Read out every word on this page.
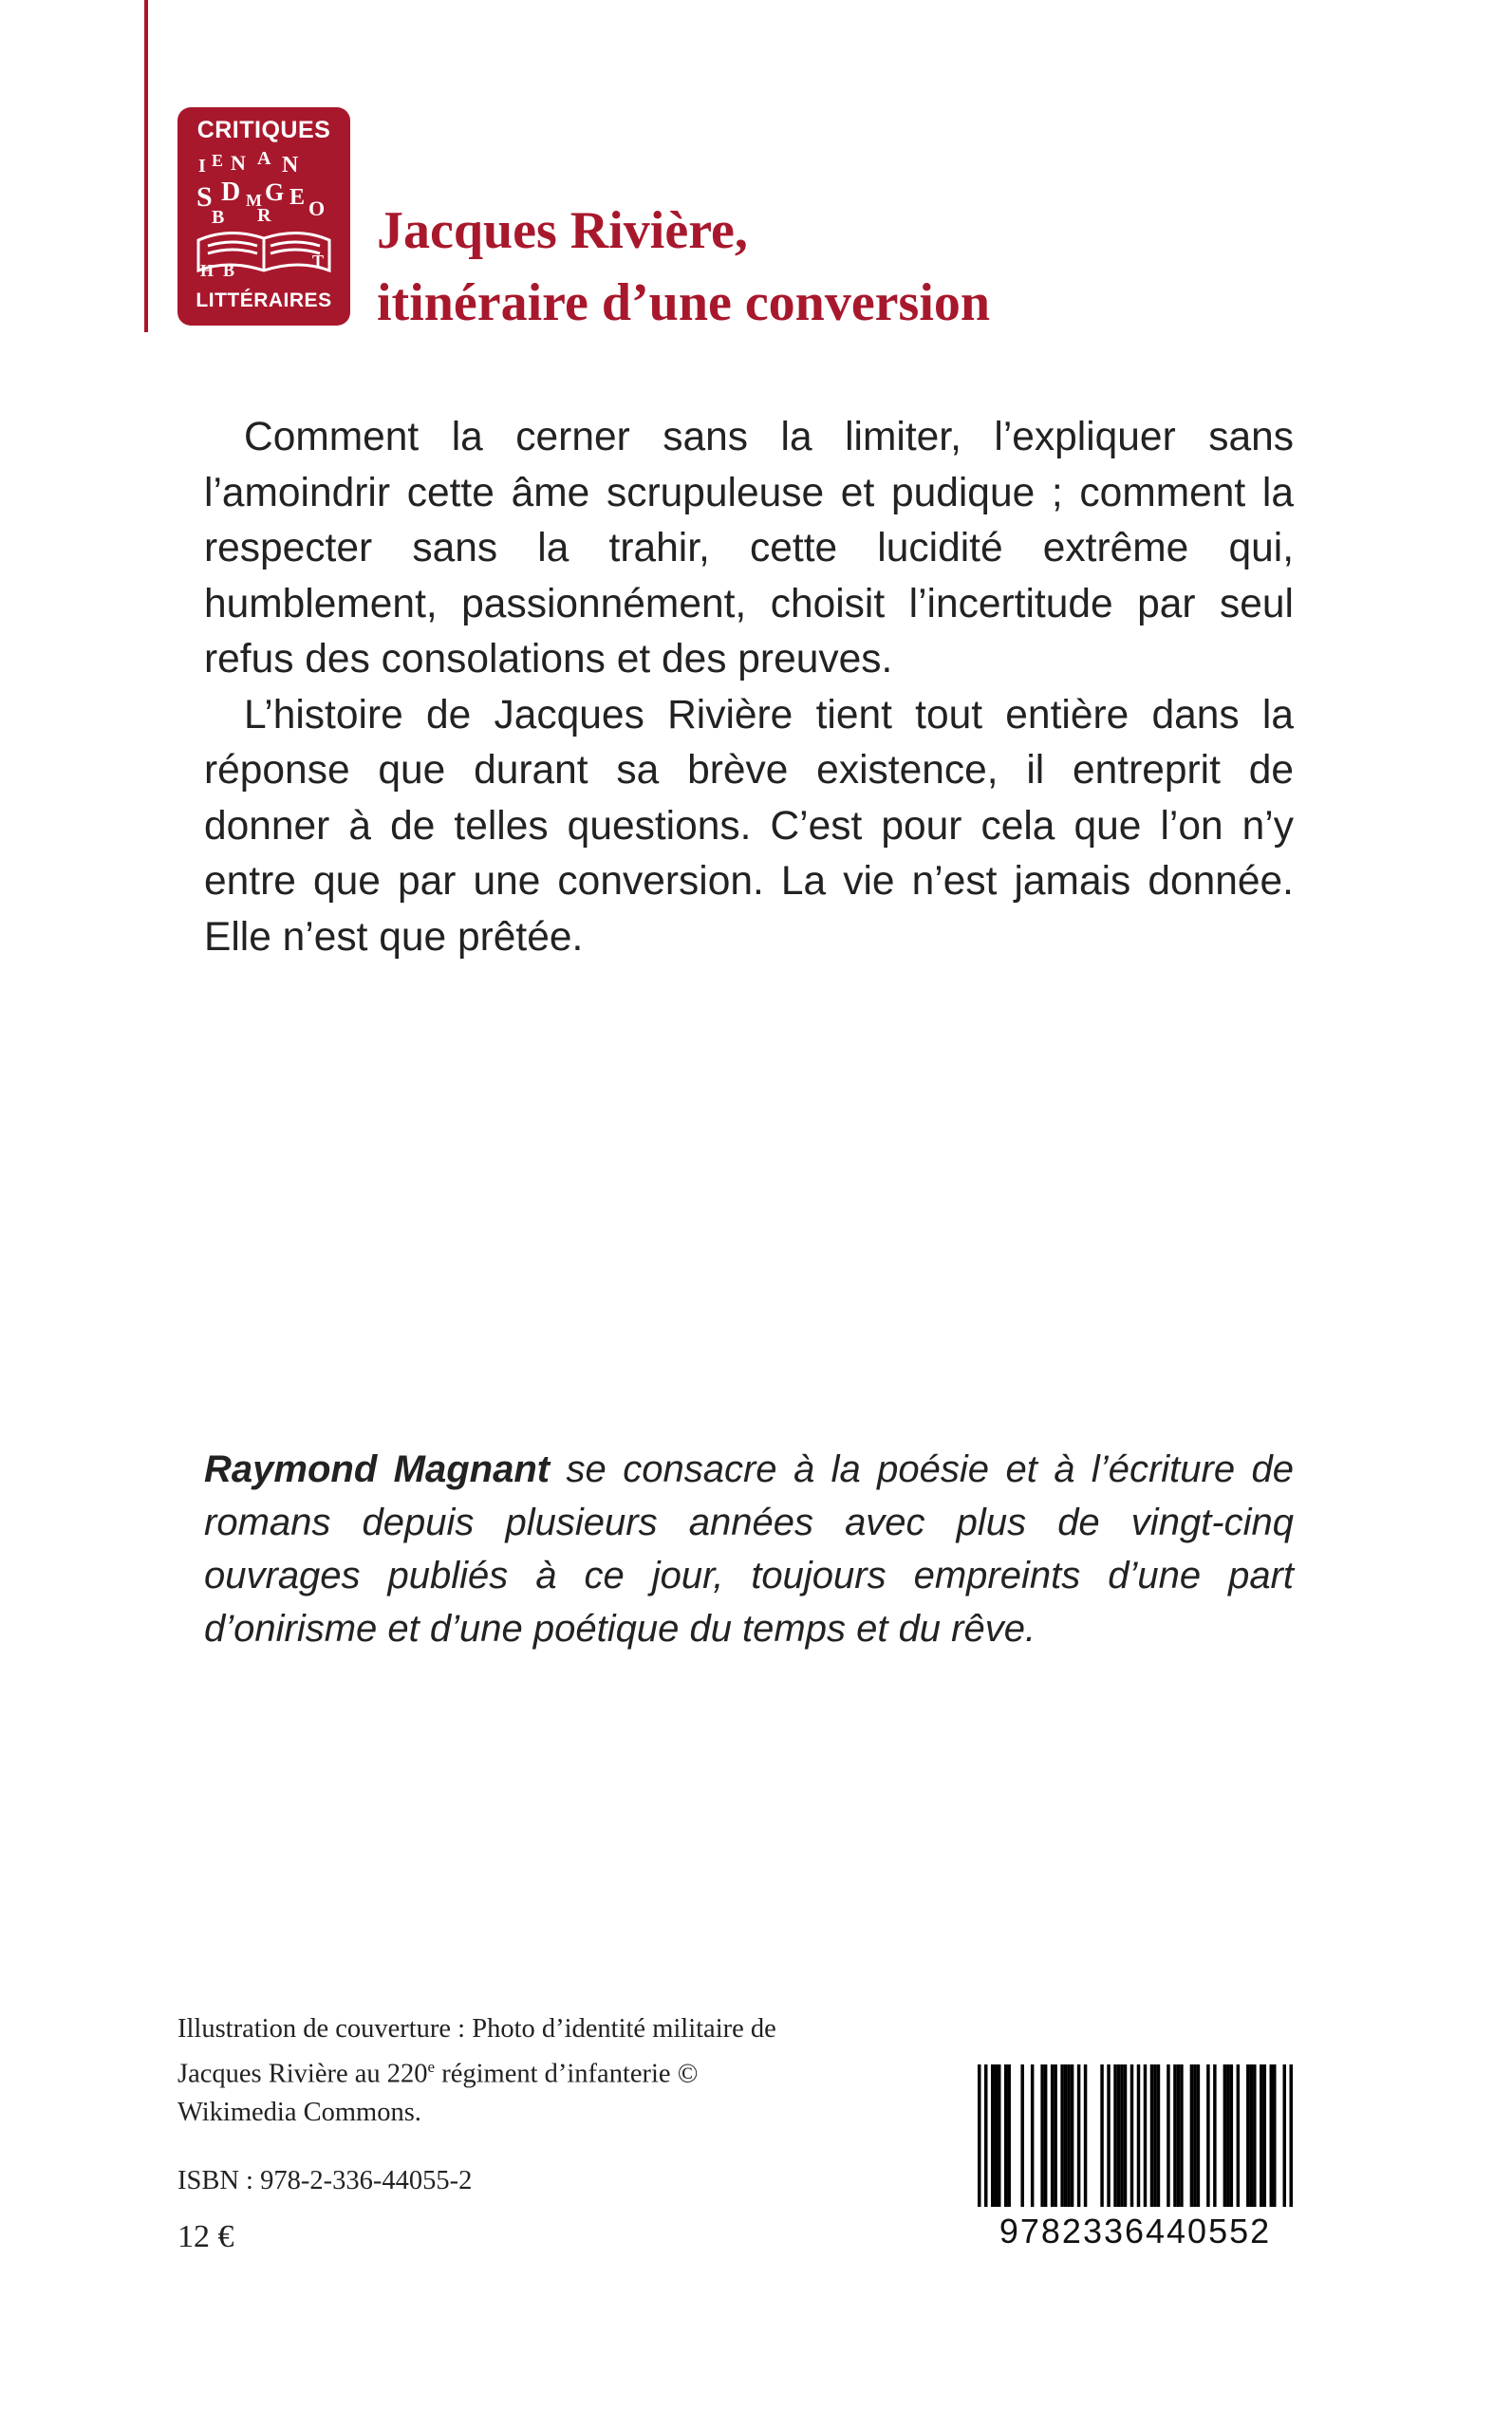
CRITIQUES
I E N A N
S D M G E O
B R
H B	T
LITTÉRAIRES
Jacques Rivière,
itinéraire d’une conversion

Comment la cerner sans la limiter, l’expliquer sans l’amoindrir cette âme scrupuleuse et pudique ; comment la respecter sans la trahir, cette lucidité extrême qui, humblement, passionnément, choisit l’incertitude par seul refus des consolations et des preuves.

L’histoire de Jacques Rivière tient tout entière dans la réponse que durant sa brève existence, il entreprit de donner à de telles questions. C’est pour cela que l’on n’y entre que par une conversion. La vie n’est jamais donnée. Elle n’est que prêtée.

Raymond Magnant se consacre à la poésie et à l’écriture de romans depuis plusieurs années avec plus de vingt-cinq ouvrages publiés à ce jour, toujours empreints d’une part d’onirisme et d’une poétique du temps et du rêve.

Illustration de couverture : Photo d’identité militaire de Jacques Rivière au 220e régiment d’infanterie © Wikimedia Commons.

ISBN : 978-2-336-44055-2
12 €	9782336440552
